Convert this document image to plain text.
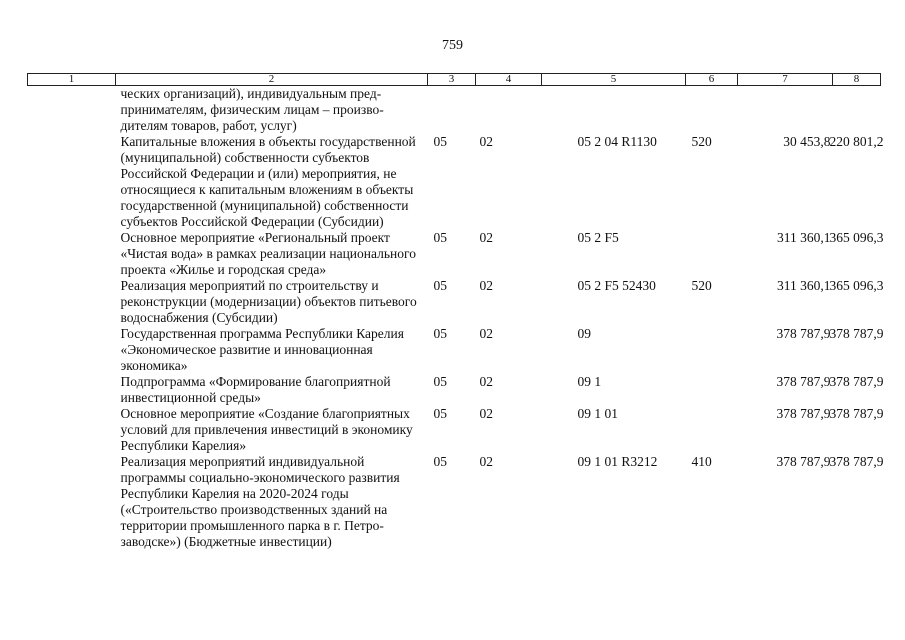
759
1	2	3	4	5	6	7	8
ческих организаций), индивидуальным предпринимателям, физическим лицам – производителям товаров, работ, услуг)							

Капитальные вложения в объекты государственной (муниципальной) собственности субъектов Российской Федерации и (или) мероприятия, не относящиеся к капитальным вложениям в объекты государственной (муниципальной) собственности субъектов Российской Федерации (Субсидии)		05	02	05 2 04 R1130	520	30 453,8	220 801,2

Основное мероприятие «Региональный проект «Чистая вода» в рамках реализации национального проекта «Жилье и городская среда»		05	02	05 2 F5		311 360,1	365 096,3

Реализация мероприятий по строительству и реконструкции (модернизации) объектов питьевого водоснабжения (Субсидии)		05	02	05 2 F5 52430	520	311 360,1	365 096,3

Государственная программа Республики Карелия «Экономическое развитие и инновационная экономика»		05	02	09		378 787,9	378 787,9

Подпрограмма «Формирование благоприятной инвестиционной среды»		05	02	09 1		378 787,9	378 787,9

Основное мероприятие «Создание благоприятных условий для привлечения инвестиций в экономику Республики Карелия»		05	02	09 1 01		378 787,9	378 787,9

Реализация мероприятий индивидуальной программы социально-экономического развития Республики Карелия на 2020-2024 годы («Строительство производственных зданий на территории промышленного парка в г. Петрозаводске») (Бюджетные инвестиции)		05	02	09 1 01 R3212	410	378 787,9	378 787,9
